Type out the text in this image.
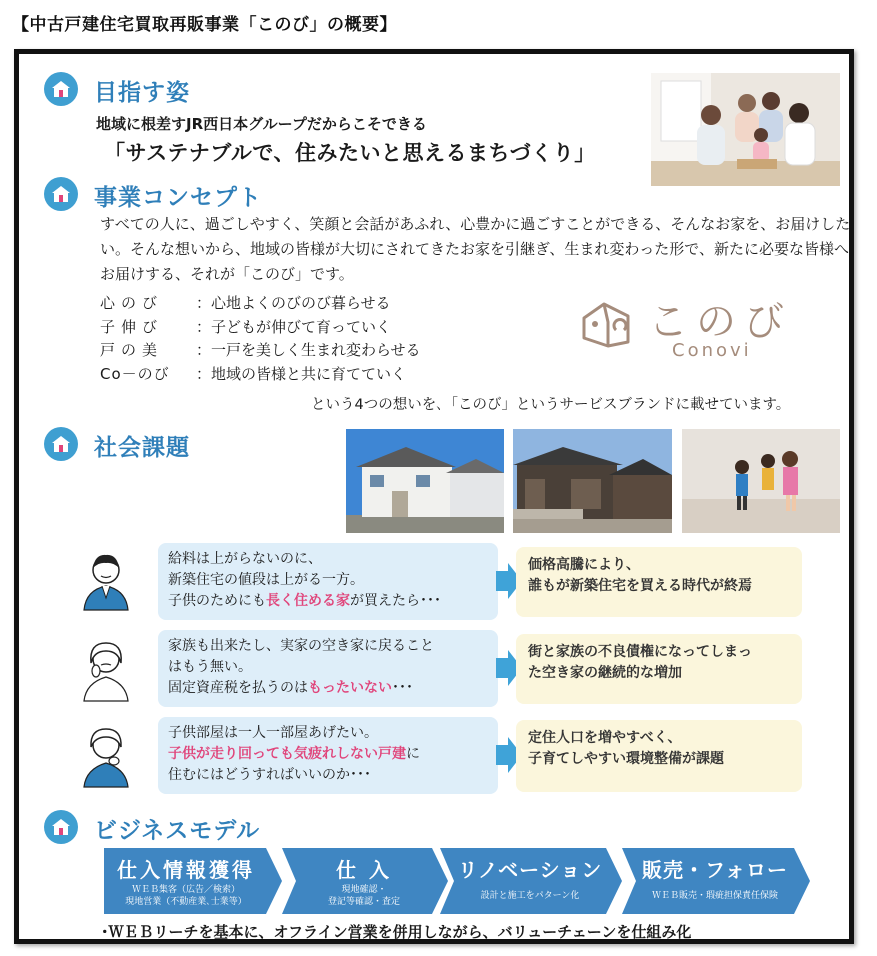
【中古戸建住宅買取再販事業「このび」の概要】
目指す姿
地域に根差すJR西日本グループだからこそできる
「サステナブルで、住みたいと思えるまちづくり」
事業コンセプト
すべての人に、過ごしやすく、笑顔と会話があふれ、心豊かに過ごすことができる、そんなお家を、お届けしたい。そんな想いから、地域の皆様が大切にされてきたお家を引継ぎ、生まれ変わった形で、新たに必要な皆様へお届けする、それが「このび」です。
心のび ：心地よくのびのび暮らせる
子伸び ：子どもが伸びて育っていく
戸の美 ：一戸を美しく生まれ変わらせる
Co－のび ：地域の皆様と共に育てていく
このび
Conovi
という4つの想いを､「このび」というサービスブランドに載せています。
社会課題
給料は上がらないのに、
新築住宅の値段は上がる一方。
子供のためにも長く住める家が買えたら･･･
価格高騰により、
誰もが新築住宅を買える時代が終焉
家族も出来たし、実家の空き家に戻ること
はもう無い。
固定資産税を払うのはもったいない･･･
街と家族の不良債権になってしまっ
た空き家の継続的な増加
子供部屋は一人一部屋あげたい。
子供が走り回っても気疲れしない戸建に
住むにはどうすればいいのか･･･
定住人口を増やすべく、
子育てしやすい環境整備が課題
ビジネスモデル
仕入情報獲得
ＷＥＢ集客（広告／検索）
現地営業（不動産業､士業等）
仕 入
現地確認・
登記等確認・査定
リノベーション
設計と施工をパターン化
販売・フォロー
ＷＥＢ販売・瑕疵担保責任保険
･ＷＥＢリーチを基本に、オフライン営業を併用しながら、バリューチェーンを仕組み化
